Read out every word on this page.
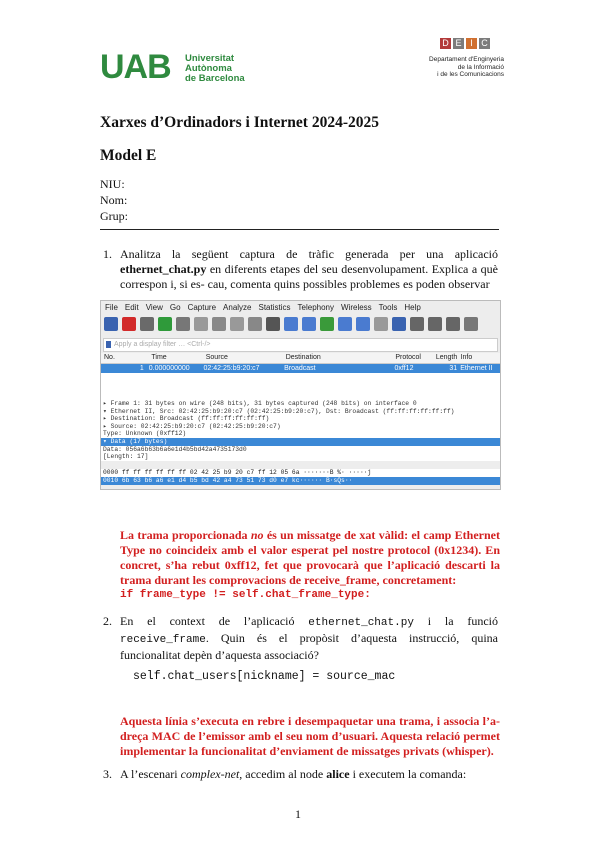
UAB Universitat
Autònoma
de Barcelona
D E I C
Departament d'Enginyeria
de la Informació
i de les Comunicacions
Xarxes d’Ordinadors i Internet 2024-2025
Model E
NIU:
Nom:
Grup:
1. Analitza la següent captura de tràfic generada per una aplicació ethernet_chat.py en diferents etapes del seu desenvolupament. Explica a què correspon i, si es- cau, comenta quins possibles problemes es poden observar
File Edit View Go Capture Analyze Statistics Telephony Wireless Tools Help
Apply a display filter … <Ctrl-/>
No.	Time	Source	Destination	Protocol	Length Info
1 0.000000000	02:42:25:b9:20:c7	Broadcast	0xff12	31 Ethernet II
▸ Frame 1: 31 bytes on wire (248 bits), 31 bytes captured (248 bits) on interface 0
▾ Ethernet II, Src: 02:42:25:b9:20:c7 (02:42:25:b9:20:c7), Dst: Broadcast (ff:ff:ff:ff:ff:ff)
▸ Destination: Broadcast (ff:ff:ff:ff:ff:ff)
▸ Source: 02:42:25:b9:20:c7 (02:42:25:b9:20:c7)
Type: Unknown (0xff12)
▾ Data (17 bytes)
Data: 056a6b63b6a6e1d4b5bd42a4735173d0
[Length: 17]
0000 ff ff ff ff ff ff 02 42 25 b9 20 c7 ff 12 05 6a ·······B %· ·····j
0010 6b 63 b6 a6 e1 d4 b5 bd 42 a4 73 51 73 d0 e7 kc······ B·sQs··
La trama proporcionada no és un missatge de xat vàlid: el camp Ethernet Type no coincideix amb el valor esperat pel nostre protocol (0x1234). En concret, s’ha rebut 0xff12, fet que provocarà que l’aplicació descarti la trama durant les comprovacions de receive_frame, concretament:
if frame_type != self.chat_frame_type:
2. En el context de l’aplicació ethernet_chat.py i la funció receive_frame. Quin és el propòsit d’aquesta instrucció, quina funcionalitat depèn d’aquesta associació?
self.chat_users[nickname] = source_mac
Aquesta línia s’executa en rebre i desempaquetar una trama, i associa l’a- dreça MAC de l’emissor amb el seu nom d’usuari. Aquesta relació permet implementar la funcionalitat d’enviament de missatges privats (whisper).
3. A l’escenari complex-net, accedim al node alice i executem la comanda:
1
